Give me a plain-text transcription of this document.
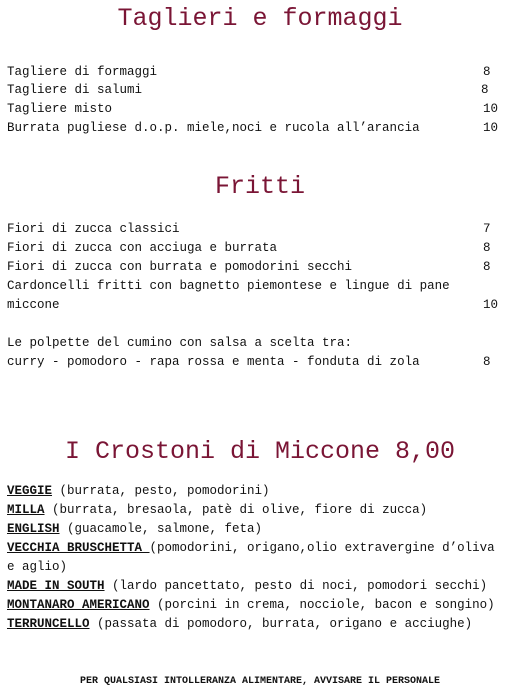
Taglieri e formaggi
Tagliere di formaggi	8
Tagliere di salumi	8
Tagliere misto	10
Burrata pugliese d.o.p. miele,noci e rucola all’arancia	10
Fritti
Fiori di zucca classici	7
Fiori di zucca con acciuga e burrata	8
Fiori di zucca con burrata e pomodorini secchi	8
Cardoncelli fritti con bagnetto piemontese e lingue di pane
miccone	10
Le polpette del cumino con salsa a scelta tra:
curry - pomodoro - rapa rossa e menta - fonduta di zola	8
I Crostoni di Miccone 8,00
VEGGIE (burrata, pesto, pomodorini)
MILLA (burrata, bresaola, patè di olive, fiore di zucca)
ENGLISH (guacamole, salmone, feta)
VECCHIA BRUSCHETTA (pomodorini, origano,olio extravergine d’oliva
e aglio)
MADE IN SOUTH (lardo pancettato, pesto di noci, pomodori secchi)
MONTANARO AMERICANO (porcini in crema, nocciole, bacon e songino)
TERRUNCELLO (passata di pomodoro, burrata, origano e acciughe)
PER QUALSIASI INTOLLERANZA ALIMENTARE, AVVISARE IL PERSONALE
